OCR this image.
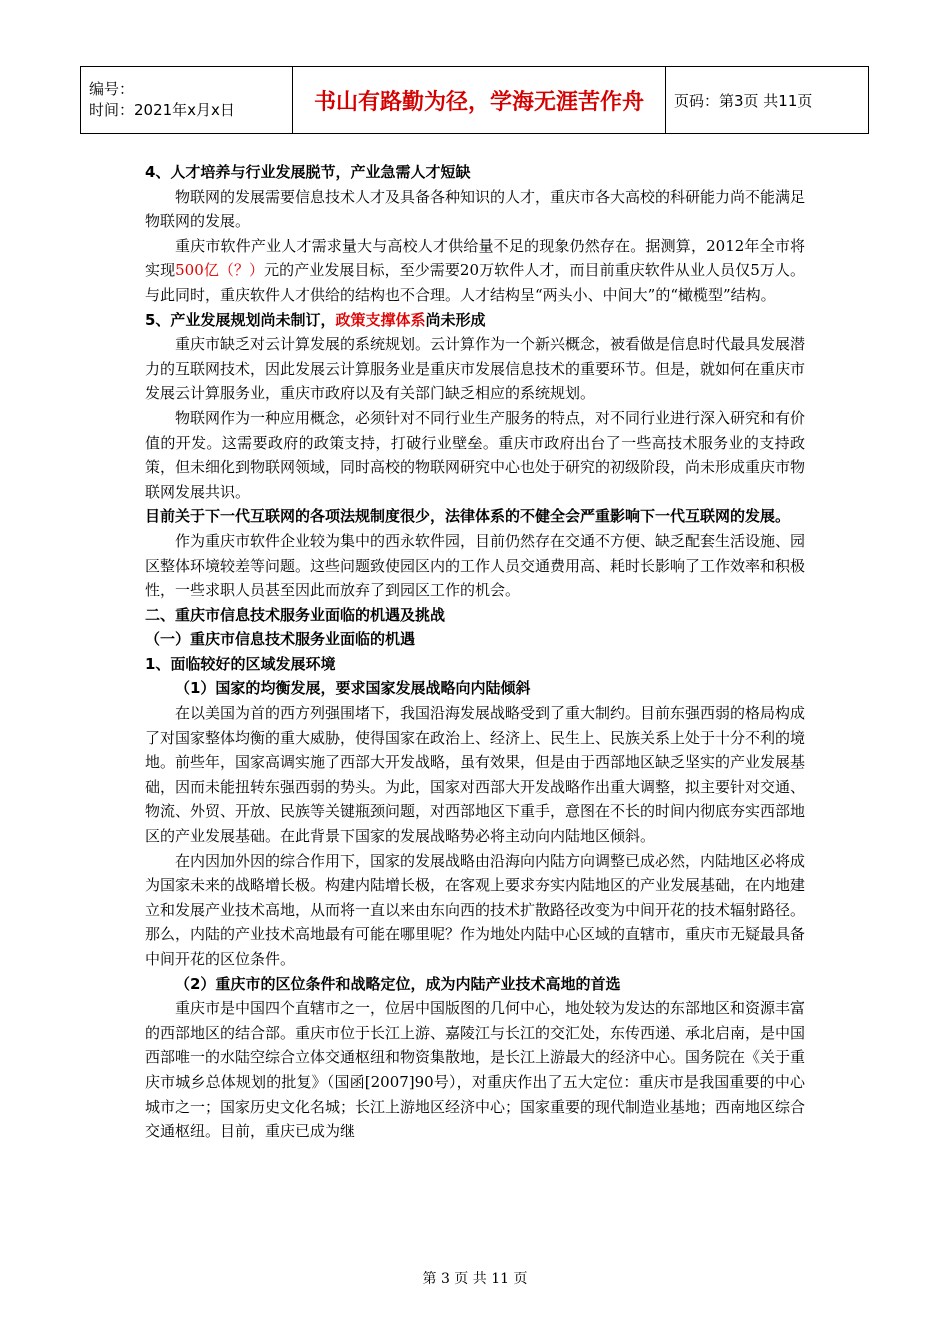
编号：
时间：2021年x月x日	书山有路勤为径，学海无涯苦作舟	页码：第3页 共11页

4、人才培养与行业发展脱节，产业急需人才短缺

物联网的发展需要信息技术人才及具备各种知识的人才，重庆市各大高校的科研能力尚不能满足物联网的发展。

重庆市软件产业人才需求量大与高校人才供给量不足的现象仍然存在。据测算，2012年全市将实现500亿（？）元的产业发展目标，至少需要20万软件人才，而目前重庆软件从业人员仅5万人。与此同时，重庆软件人才供给的结构也不合理。人才结构呈“两头小、中间大”的“橄榄型”结构。

5、产业发展规划尚未制订，政策支撑体系尚未形成

重庆市缺乏对云计算发展的系统规划。云计算作为一个新兴概念，被看做是信息时代最具发展潜力的互联网技术，因此发展云计算服务业是重庆市发展信息技术的重要环节。但是，就如何在重庆市发展云计算服务业，重庆市政府以及有关部门缺乏相应的系统规划。

物联网作为一种应用概念，必须针对不同行业生产服务的特点，对不同行业进行深入研究和有价值的开发。这需要政府的政策支持，打破行业壁垒。重庆市政府出台了一些高技术服务业的支持政策，但未细化到物联网领域，同时高校的物联网研究中心也处于研究的初级阶段，尚未形成重庆市物联网发展共识。

目前关于下一代互联网的各项法规制度很少，法律体系的不健全会严重影响下一代互联网的发展。

作为重庆市软件企业较为集中的西永软件园，目前仍然存在交通不方便、缺乏配套生活设施、园区整体环境较差等问题。这些问题致使园区内的工作人员交通费用高、耗时长影响了工作效率和积极性，一些求职人员甚至因此而放弃了到园区工作的机会。

二、重庆市信息技术服务业面临的机遇及挑战

（一）重庆市信息技术服务业面临的机遇

1、面临较好的区域发展环境

（1）国家的均衡发展，要求国家发展战略向内陆倾斜

在以美国为首的西方列强围堵下，我国沿海发展战略受到了重大制约。目前东强西弱的格局构成了对国家整体均衡的重大威胁，使得国家在政治上、经济上、民生上、民族关系上处于十分不利的境地。前些年，国家高调实施了西部大开发战略，虽有效果，但是由于西部地区缺乏坚实的产业发展基础，因而未能扭转东强西弱的势头。为此，国家对西部大开发战略作出重大调整，拟主要针对交通、物流、外贸、开放、民族等关键瓶颈问题，对西部地区下重手，意图在不长的时间内彻底夯实西部地区的产业发展基础。在此背景下国家的发展战略势必将主动向内陆地区倾斜。

在内因加外因的综合作用下，国家的发展战略由沿海向内陆方向调整已成必然，内陆地区必将成为国家未来的战略增长极。构建内陆增长极，在客观上要求夯实内陆地区的产业发展基础，在内地建立和发展产业技术高地，从而将一直以来由东向西的技术扩散路径改变为中间开花的技术辐射路径。那么，内陆的产业技术高地最有可能在哪里呢？作为地处内陆中心区域的直辖市，重庆市无疑最具备中间开花的区位条件。

（2）重庆市的区位条件和战略定位，成为内陆产业技术高地的首选

重庆市是中国四个直辖市之一，位居中国版图的几何中心，地处较为发达的东部地区和资源丰富的西部地区的结合部。重庆市位于长江上游、嘉陵江与长江的交汇处，东传西递、承北启南，是中国西部唯一的水陆空综合立体交通枢纽和物资集散地，是长江上游最大的经济中心。国务院在《关于重庆市城乡总体规划的批复》（国函[2007]90号），对重庆作出了五大定位：重庆市是我国重要的中心城市之一；国家历史文化名城；长江上游地区经济中心；国家重要的现代制造业基地；西南地区综合交通枢纽。目前，重庆已成为继

第 3 页 共 11 页
